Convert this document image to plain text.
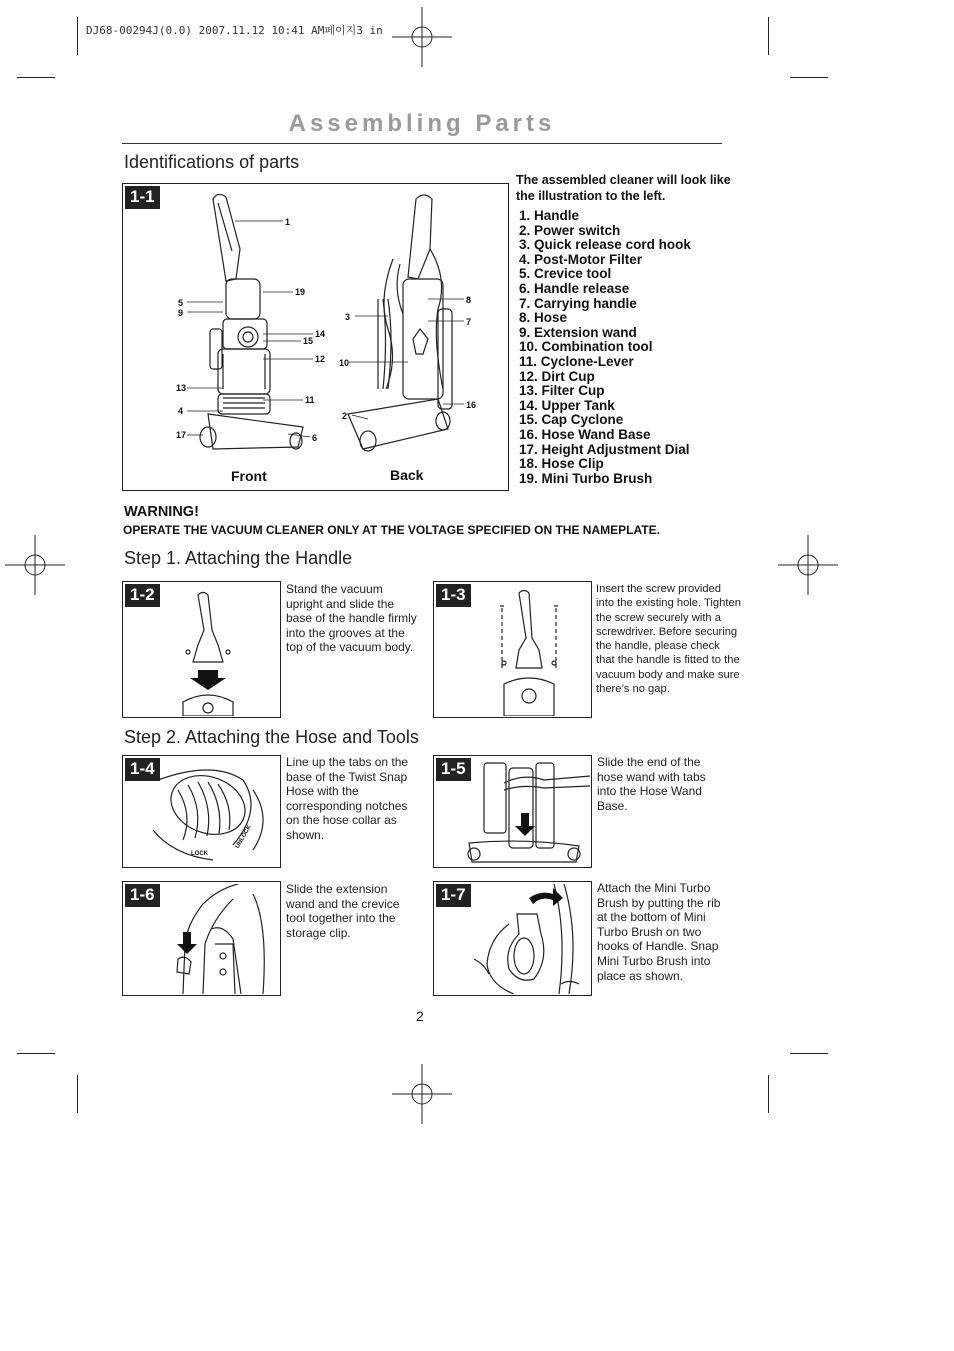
DJ68-00294J(0.0) 2007.11.12 10:41 AM페이지3 in
Assembling Parts
Identifications of parts
1-1
1
19
5
9
14
15
12
13
11
4
17	6
3
8
7
10
2
16
Front	Back
The assembled cleaner will look like the illustration to the left.
1. Handle
2. Power switch
3. Quick release cord hook
4. Post-Motor Filter
5. Crevice tool
6. Handle release
7. Carrying handle
8. Hose
9. Extension wand
10. Combination tool
11. Cyclone-Lever
12. Dirt Cup
13. Filter Cup
14. Upper Tank
15. Cap Cyclone
16. Hose Wand Base
17. Height Adjustment Dial
18. Hose Clip
19. Mini Turbo Brush
WARNING!
OPERATE THE VACUUM CLEANER ONLY AT THE VOLTAGE SPECIFIED ON THE NAMEPLATE.
Step 1. Attaching the Handle
1-2	Stand the vacuum upright and slide the base of the handle firmly into the grooves at the top of the vacuum body.
1-3	Insert the screw provided into the existing hole. Tighten the screw securely with a screwdriver. Before securing the handle, please check that the handle is fitted to the vacuum body and make sure there’s no gap.
Step 2. Attaching the Hose and Tools
1-4
LOCK
UNLOCK
Line up the tabs on the base of the Twist Snap Hose with the corresponding notches on the hose collar as shown.
1-5	Slide the end of the hose wand with tabs into the Hose Wand Base.
1-6	Slide the extension wand and the crevice tool together into the storage clip.
1-7	Attach the Mini Turbo Brush by putting the rib at the bottom of Mini Turbo Brush on two hooks of Handle. Snap Mini Turbo Brush into place as shown.
2
